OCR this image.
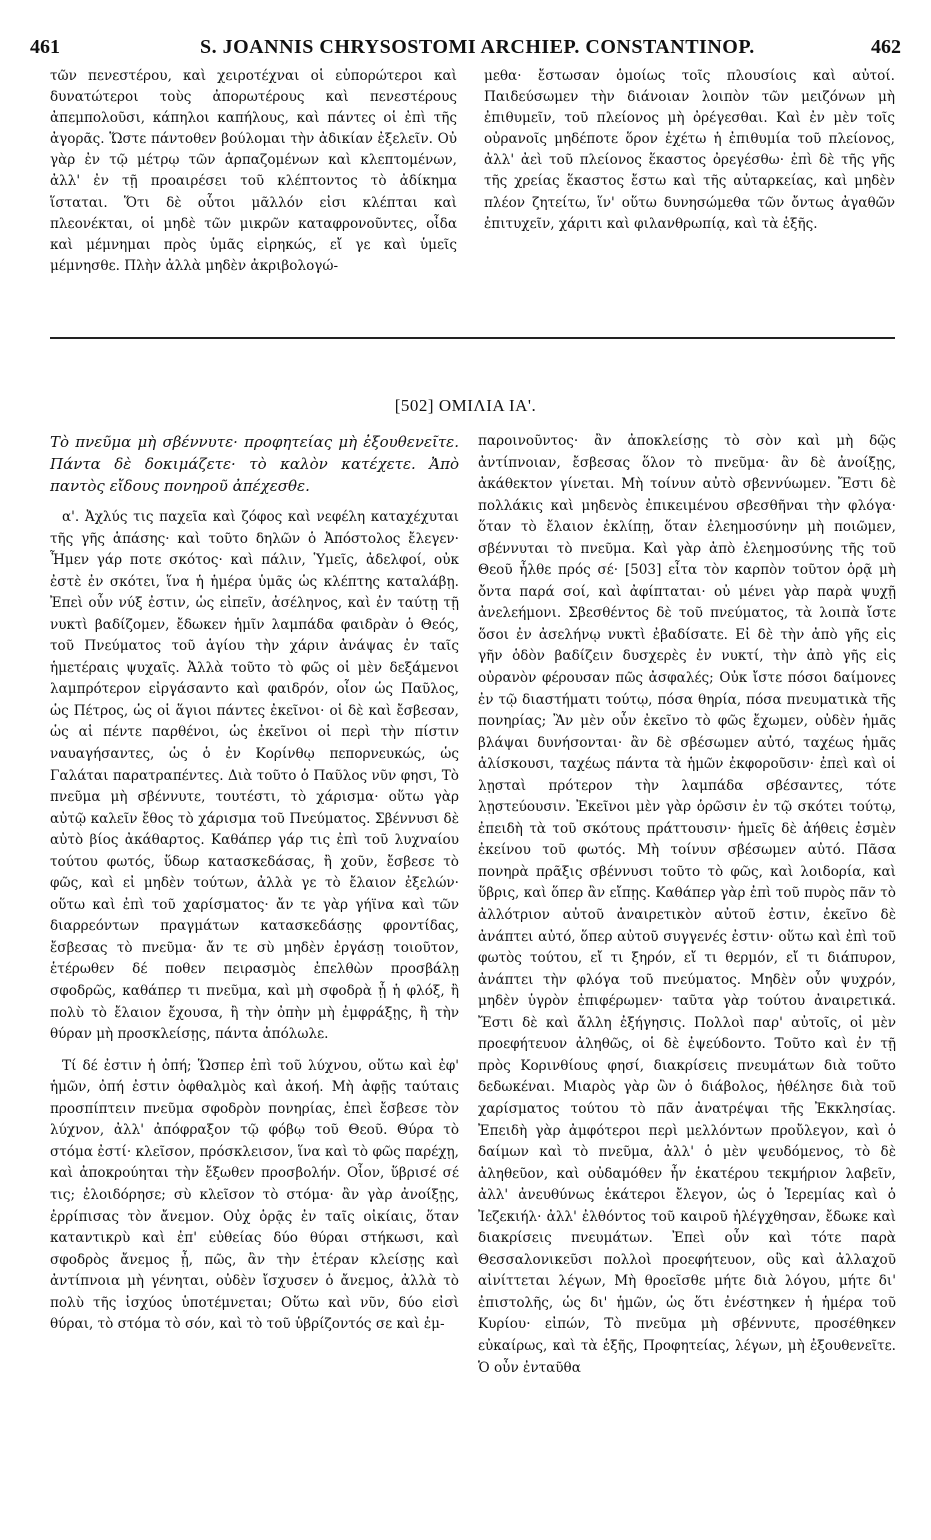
461	S. JOANNIS CHRYSOSTOMI ARCHIEP. CONSTANTINOP.	462

τῶν πενεστέρου, καὶ χειροτέχναι οἱ εὐπορώτεροι καὶ δυνατώτεροι τοὺς ἀπορωτέρους καὶ πενεστέρους ἀπεμπολοῦσι, κάπηλοι καπήλους, καὶ πάντες οἱ ἐπὶ τῆς ἀγορᾶς. Ὥστε πάντοθεν βούλομαι τὴν ἀδικίαν ἐξελεῖν. Οὐ γὰρ ἐν τῷ μέτρῳ τῶν ἁρπαζομένων καὶ κλεπτομένων, ἀλλ' ἐν τῇ προαιρέσει τοῦ κλέπτοντος τὸ ἀδίκημα ἵσταται. Ὅτι δὲ οὗτοι μᾶλλόν εἰσι κλέπται καὶ πλεονέκται, οἱ μηδὲ τῶν μικρῶν καταφρονοῦντες, οἶδα καὶ μέμνημαι πρὸς ὑμᾶς εἰρηκώς, εἴ γε καὶ ὑμεῖς μέμνησθε. Πλὴν ἀλλὰ μηδὲν ἀκριβολογώ-

μεθα· ἔστωσαν ὁμοίως τοῖς πλουσίοις καὶ αὐτοί. Παιδεύσωμεν τὴν διάνοιαν λοιπὸν τῶν μειζόνων μὴ ἐπιθυμεῖν, τοῦ πλείονος μὴ ὀρέγεσθαι. Καὶ ἐν μὲν τοῖς οὐρανοῖς μηδέποτε ὅρον ἐχέτω ἡ ἐπιθυμία τοῦ πλείονος, ἀλλ' ἀεὶ τοῦ πλείονος ἕκαστος ὀρεγέσθω· ἐπὶ δὲ τῆς γῆς τῆς χρείας ἕκαστος ἔστω καὶ τῆς αὐταρκείας, καὶ μηδὲν πλέον ζητείτω, ἵν' οὕτω δυνησώμεθα τῶν ὄντως ἀγαθῶν ἐπιτυχεῖν, χάριτι καὶ φιλανθρωπίᾳ, καὶ τὰ ἑξῆς.

[502] ΟΜΙΛΙΑ ΙΑ'.

Τὸ πνεῦμα μὴ σβέννυτε· προφητείας μὴ ἐξουθενεῖτε. Πάντα δὲ δοκιμάζετε· τὸ καλὸν κατέχετε. Ἀπὸ παντὸς εἴδους πονηροῦ ἀπέχεσθε.

α'. Ἀχλύς τις παχεῖα καὶ ζόφος καὶ νεφέλη καταχέχυται τῆς γῆς ἁπάσης· καὶ τοῦτο δηλῶν ὁ Ἀπόστολος ἔλεγεν· Ἦμεν γάρ ποτε σκότος· καὶ πάλιν, Ὑμεῖς, ἀδελφοί, οὐκ ἐστὲ ἐν σκότει, ἵνα ἡ ἡμέρα ὑμᾶς ὡς κλέπτης καταλάβῃ. Ἐπεὶ οὖν νύξ ἐστιν, ὡς εἰπεῖν, ἀσέληνος, καὶ ἐν ταύτῃ τῇ νυκτὶ βαδίζομεν, ἔδωκεν ἡμῖν λαμπάδα φαιδρὰν ὁ Θεός, τοῦ Πνεύματος τοῦ ἁγίου τὴν χάριν ἀνάψας ἐν ταῖς ἡμετέραις ψυχαῖς. Ἀλλὰ τοῦτο τὸ φῶς οἱ μὲν δεξάμενοι λαμπρότερον εἰργάσαντο καὶ φαιδρόν, οἷον ὡς Παῦλος, ὡς Πέτρος, ὡς οἱ ἅγιοι πάντες ἐκεῖνοι· οἱ δὲ καὶ ἔσβεσαν, ὡς αἱ πέντε παρθένοι, ὡς ἐκεῖνοι οἱ περὶ τὴν πίστιν ναυαγήσαντες, ὡς ὁ ἐν Κορίνθῳ πεπορνευκώς, ὡς Γαλάται παρατραπέντες. Διὰ τοῦτο ὁ Παῦλος νῦν φησι, Τὸ πνεῦμα μὴ σβέννυτε, τουτέστι, τὸ χάρισμα· οὕτω γὰρ αὐτῷ καλεῖν ἔθος τὸ χάρισμα τοῦ Πνεύματος. Σβέννυσι δὲ αὐτὸ βίος ἀκάθαρτος. Καθάπερ γάρ τις ἐπὶ τοῦ λυχναίου τούτου φωτός, ὕδωρ κατασκεδάσας, ἢ χοῦν, ἔσβεσε τὸ φῶς, καὶ εἰ μηδὲν τούτων, ἀλλὰ γε τὸ ἔλαιον ἐξελών· οὕτω καὶ ἐπὶ τοῦ χαρίσματος· ἄν τε γὰρ γήϊνα καὶ τῶν διαρρεόντων πραγμάτων κατασκεδάσῃς φροντίδας, ἔσβεσας τὸ πνεῦμα· ἄν τε σὺ μηδὲν ἐργάσῃ τοιοῦτον, ἑτέρωθεν δέ ποθεν πειρασμὸς ἐπελθὼν προσβάλῃ σφοδρῶς, καθάπερ τι πνεῦμα, καὶ μὴ σφοδρὰ ᾖ ἡ φλόξ, ἢ πολὺ τὸ ἔλαιον ἔχουσα, ἢ τὴν ὀπὴν μὴ ἐμφράξῃς, ἢ τὴν θύραν μὴ προσκλείσῃς, πάντα ἀπόλωλε.

Τί δέ ἐστιν ἡ ὀπή; Ὥσπερ ἐπὶ τοῦ λύχνου, οὕτω καὶ ἐφ' ἡμῶν, ὀπή ἐστιν ὀφθαλμὸς καὶ ἀκοή. Μὴ ἀφῇς ταύταις προσπίπτειν πνεῦμα σφοδρὸν πονηρίας, ἐπεὶ ἔσβεσε τὸν λύχνον, ἀλλ' ἀπόφραξον τῷ φόβῳ τοῦ Θεοῦ. Θύρα τὸ στόμα ἐστί· κλεῖσον, πρόσκλεισον, ἵνα καὶ τὸ φῶς παρέχῃ, καὶ ἀποκρούηται τὴν ἔξωθεν προσβολήν. Οἷον, ὕβρισέ σέ τις; ἐλοιδόρησε; σὺ κλεῖσον τὸ στόμα· ἂν γὰρ ἀνοίξῃς, ἐρρίπισας τὸν ἄνεμον. Οὐχ ὁρᾷς ἐν ταῖς οἰκίαις, ὅταν καταντικρὺ καὶ ἐπ' εὐθείας δύο θύραι στήκωσι, καὶ σφοδρὸς ἄνεμος ᾖ, πῶς, ἂν τὴν ἑτέραν κλείσῃς καὶ ἀντίπνοια μὴ γένηται, οὐδὲν ἴσχυσεν ὁ ἄνεμος, ἀλλὰ τὸ πολὺ τῆς ἰσχύος ὑποτέμνεται; Οὕτω καὶ νῦν, δύο εἰσὶ θύραι, τὸ στόμα τὸ σόν, καὶ τὸ τοῦ ὑβρίζοντός σε καὶ ἐμ-

παροινοῦντος· ἂν ἀποκλείσῃς τὸ σὸν καὶ μὴ δῷς ἀντίπνοιαν, ἔσβεσας ὅλον τὸ πνεῦμα· ἂν δὲ ἀνοίξῃς, ἀκάθεκτον γίνεται. Μὴ τοίνυν αὐτὸ σβεννύωμεν. Ἔστι δὲ πολλάκις καὶ μηδενὸς ἐπικειμένου σβεσθῆναι τὴν φλόγα· ὅταν τὸ ἔλαιον ἐκλίπῃ, ὅταν ἐλεημοσύνην μὴ ποιῶμεν, σβέννυται τὸ πνεῦμα. Καὶ γὰρ ἀπὸ ἐλεημοσύνης τῆς τοῦ Θεοῦ ἦλθε πρός σέ· [503] εἶτα τὸν καρπὸν τοῦτον ὁρᾷ μὴ ὄντα παρά σοί, καὶ ἀφίπταται· οὐ μένει γὰρ παρὰ ψυχῇ ἀνελεήμονι. Σβεσθέντος δὲ τοῦ πνεύματος, τὰ λοιπὰ ἴστε ὅσοι ἐν ἀσελήνῳ νυκτὶ ἐβαδίσατε. Εἰ δὲ τὴν ἀπὸ γῆς εἰς γῆν ὁδὸν βαδίζειν δυσχερὲς ἐν νυκτί, τὴν ἀπὸ γῆς εἰς οὐρανὸν φέρουσαν πῶς ἀσφαλές; Οὐκ ἴστε πόσοι δαίμονες ἐν τῷ διαστήματι τούτῳ, πόσα θηρία, πόσα πνευματικὰ τῆς πονηρίας; Ἂν μὲν οὖν ἐκεῖνο τὸ φῶς ἔχωμεν, οὐδὲν ἡμᾶς βλάψαι δυνήσονται· ἂν δὲ σβέσωμεν αὐτό, ταχέως ἡμᾶς ἁλίσκουσι, ταχέως πάντα τὰ ἡμῶν ἐκφοροῦσιν· ἐπεὶ καὶ οἱ λῃσταὶ πρότερον τὴν λαμπάδα σβέσαντες, τότε λῃστεύουσιν. Ἐκεῖνοι μὲν γὰρ ὁρῶσιν ἐν τῷ σκότει τούτῳ, ἐπειδὴ τὰ τοῦ σκότους πράττουσιν· ἡμεῖς δὲ ἀήθεις ἐσμὲν ἐκείνου τοῦ φωτός. Μὴ τοίνυν σβέσωμεν αὐτό. Πᾶσα πονηρὰ πρᾶξις σβέννυσι τοῦτο τὸ φῶς, καὶ λοιδορία, καὶ ὕβρις, καὶ ὅπερ ἂν εἴπῃς. Καθάπερ γὰρ ἐπὶ τοῦ πυρὸς πᾶν τὸ ἀλλότριον αὐτοῦ ἀναιρετικὸν αὐτοῦ ἐστιν, ἐκεῖνο δὲ ἀνάπτει αὐτό, ὅπερ αὐτοῦ συγγενές ἐστιν· οὕτω καὶ ἐπὶ τοῦ φωτὸς τούτου, εἴ τι ξηρόν, εἴ τι θερμόν, εἴ τι διάπυρον, ἀνάπτει τὴν φλόγα τοῦ πνεύματος. Μηδὲν οὖν ψυχρόν, μηδὲν ὑγρὸν ἐπιφέρωμεν· ταῦτα γὰρ τούτου ἀναιρετικά. Ἔστι δὲ καὶ ἄλλη ἐξήγησις. Πολλοὶ παρ' αὐτοῖς, οἱ μὲν προεφήτευον ἀληθῶς, οἱ δὲ ἐψεύδοντο. Τοῦτο καὶ ἐν τῇ πρὸς Κορινθίους φησί, διακρίσεις πνευμάτων διὰ τοῦτο δεδωκέναι. Μιαρὸς γὰρ ὢν ὁ διάβολος, ἠθέλησε διὰ τοῦ χαρίσματος τούτου τὸ πᾶν ἀνατρέψαι τῆς Ἐκκλησίας. Ἐπειδὴ γὰρ ἀμφότεροι περὶ μελλόντων προὔλεγον, καὶ ὁ δαίμων καὶ τὸ πνεῦμα, ἀλλ' ὁ μὲν ψευδόμενος, τὸ δὲ ἀληθεῦον, καὶ οὐδαμόθεν ἦν ἑκατέρου τεκμήριον λαβεῖν, ἀλλ' ἀνευθύνως ἑκάτεροι ἔλεγον, ὡς ὁ Ἱερεμίας καὶ ὁ Ἰεζεκιήλ· ἀλλ' ἐλθόντος τοῦ καιροῦ ἠλέγχθησαν, ἔδωκε καὶ διακρίσεις πνευμάτων. Ἐπεὶ οὖν καὶ τότε παρὰ Θεσσαλονικεῦσι πολλοὶ προεφήτευον, οὓς καὶ ἀλλαχοῦ αἰνίττεται λέγων, Μὴ θροεῖσθε μήτε διὰ λόγου, μήτε δι' ἐπιστολῆς, ὡς δι' ἡμῶν, ὡς ὅτι ἐνέστηκεν ἡ ἡμέρα τοῦ Κυρίου· εἰπών, Τὸ πνεῦμα μὴ σβέννυτε, προσέθηκεν εὐκαίρως, καὶ τὰ ἑξῆς, Προφητείας, λέγων, μὴ ἐξουθενεῖτε. Ὁ οὖν ἐνταῦθα
